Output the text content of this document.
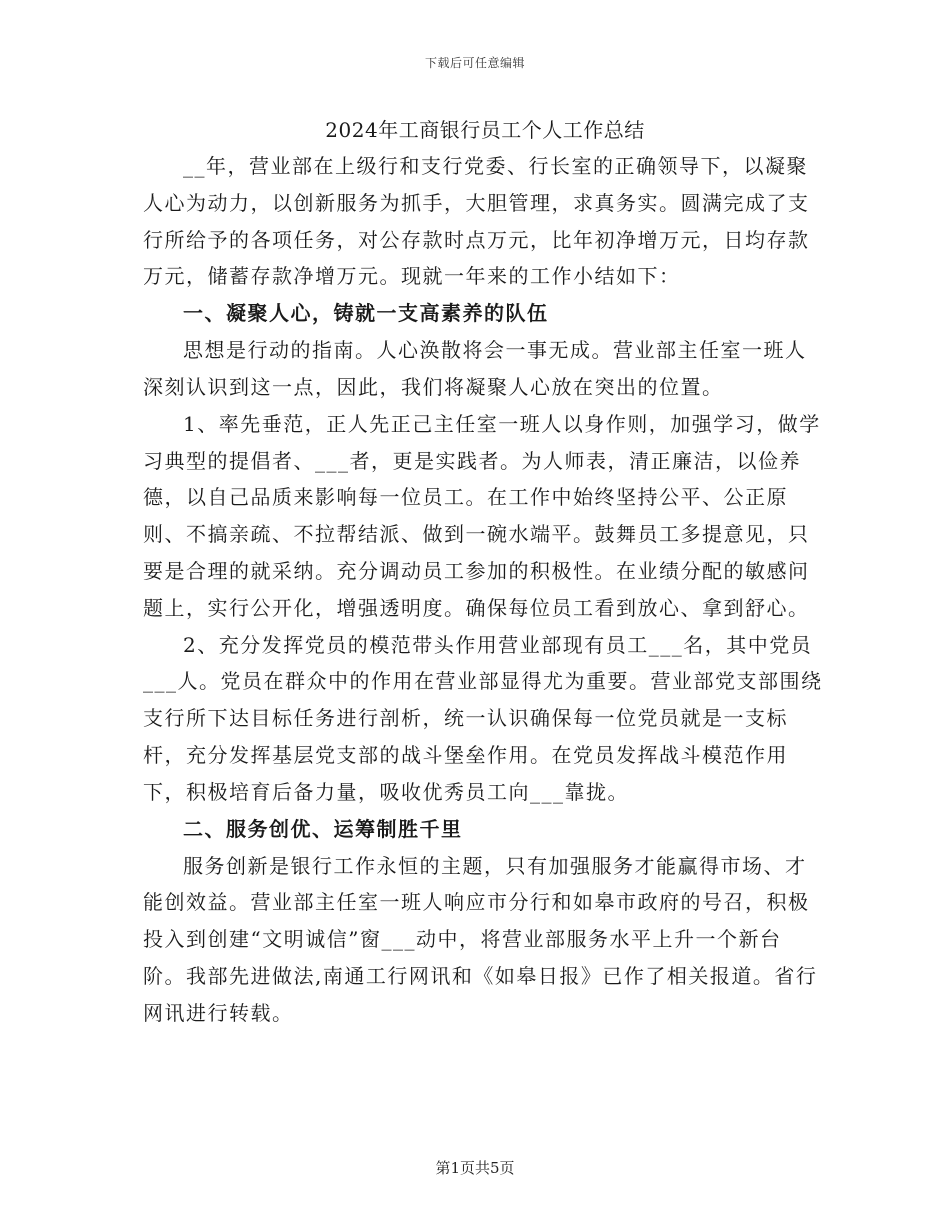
下载后可任意编辑
2024年工商银行员工个人工作总结

__年，营业部在上级行和支行党委、行长室的正确领导下，以凝聚人心为动力，以创新服务为抓手，大胆管理，求真务实。圆满完成了支行所给予的各项任务，对公存款时点万元，比年初净增万元，日均存款万元，储蓄存款净增万元。现就一年来的工作小结如下：

一、凝聚人心，铸就一支高素养的队伍

思想是行动的指南。人心涣散将会一事无成。营业部主任室一班人深刻认识到这一点，因此，我们将凝聚人心放在突出的位置。

1、率先垂范，正人先正己主任室一班人以身作则，加强学习，做学习典型的提倡者、___者，更是实践者。为人师表，清正廉洁，以俭养德，以自己品质来影响每一位员工。在工作中始终坚持公平、公正原则、不搞亲疏、不拉帮结派、做到一碗水端平。鼓舞员工多提意见，只要是合理的就采纳。充分调动员工参加的积极性。在业绩分配的敏感问题上，实行公开化，增强透明度。确保每位员工看到放心、拿到舒心。

2、充分发挥党员的模范带头作用营业部现有员工___名，其中党员___人。党员在群众中的作用在营业部显得尤为重要。营业部党支部围绕支行所下达目标任务进行剖析，统一认识确保每一位党员就是一支标杆，充分发挥基层党支部的战斗堡垒作用。在党员发挥战斗模范作用下，积极培育后备力量，吸收优秀员工向___靠拢。

二、服务创优、运筹制胜千里

服务创新是银行工作永恒的主题，只有加强服务才能赢得市场、才能创效益。营业部主任室一班人响应市分行和如皋市政府的号召，积极投入到创建“文明诚信”窗___动中，将营业部服务水平上升一个新台阶。我部先进做法,南通工行网讯和《如皋日报》已作了相关报道。省行网讯进行转载。

第1页共5页
